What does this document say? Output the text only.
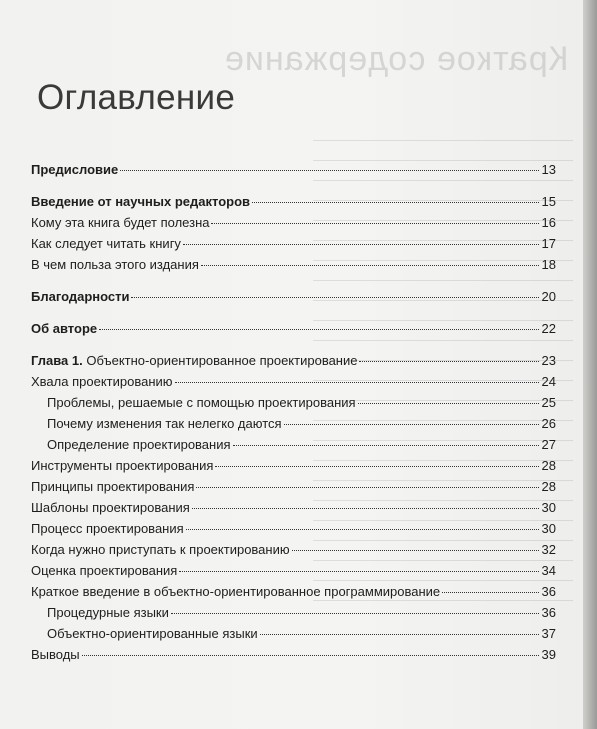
Краткое содержание
Оглавление
Предисловие	13
Введение от научных редакторов	15
Кому эта книга будет полезна	16
Как следует читать книгу	17
В чем польза этого издания	18
Благодарности	20
Об авторе	22
Глава 1. Объектно-ориентированное проектирование	23
Хвала проектированию	24
Проблемы, решаемые с помощью проектирования	25
Почему изменения так нелегко даются	26
Определение проектирования	27
Инструменты проектирования	28
Принципы проектирования	28
Шаблоны проектирования	30
Процесс проектирования	30
Когда нужно приступать к проектированию	32
Оценка проектирования	34
Краткое введение в объектно-ориентированное программирование	36
Процедурные языки	36
Объектно-ориентированные языки	37
Выводы	39
